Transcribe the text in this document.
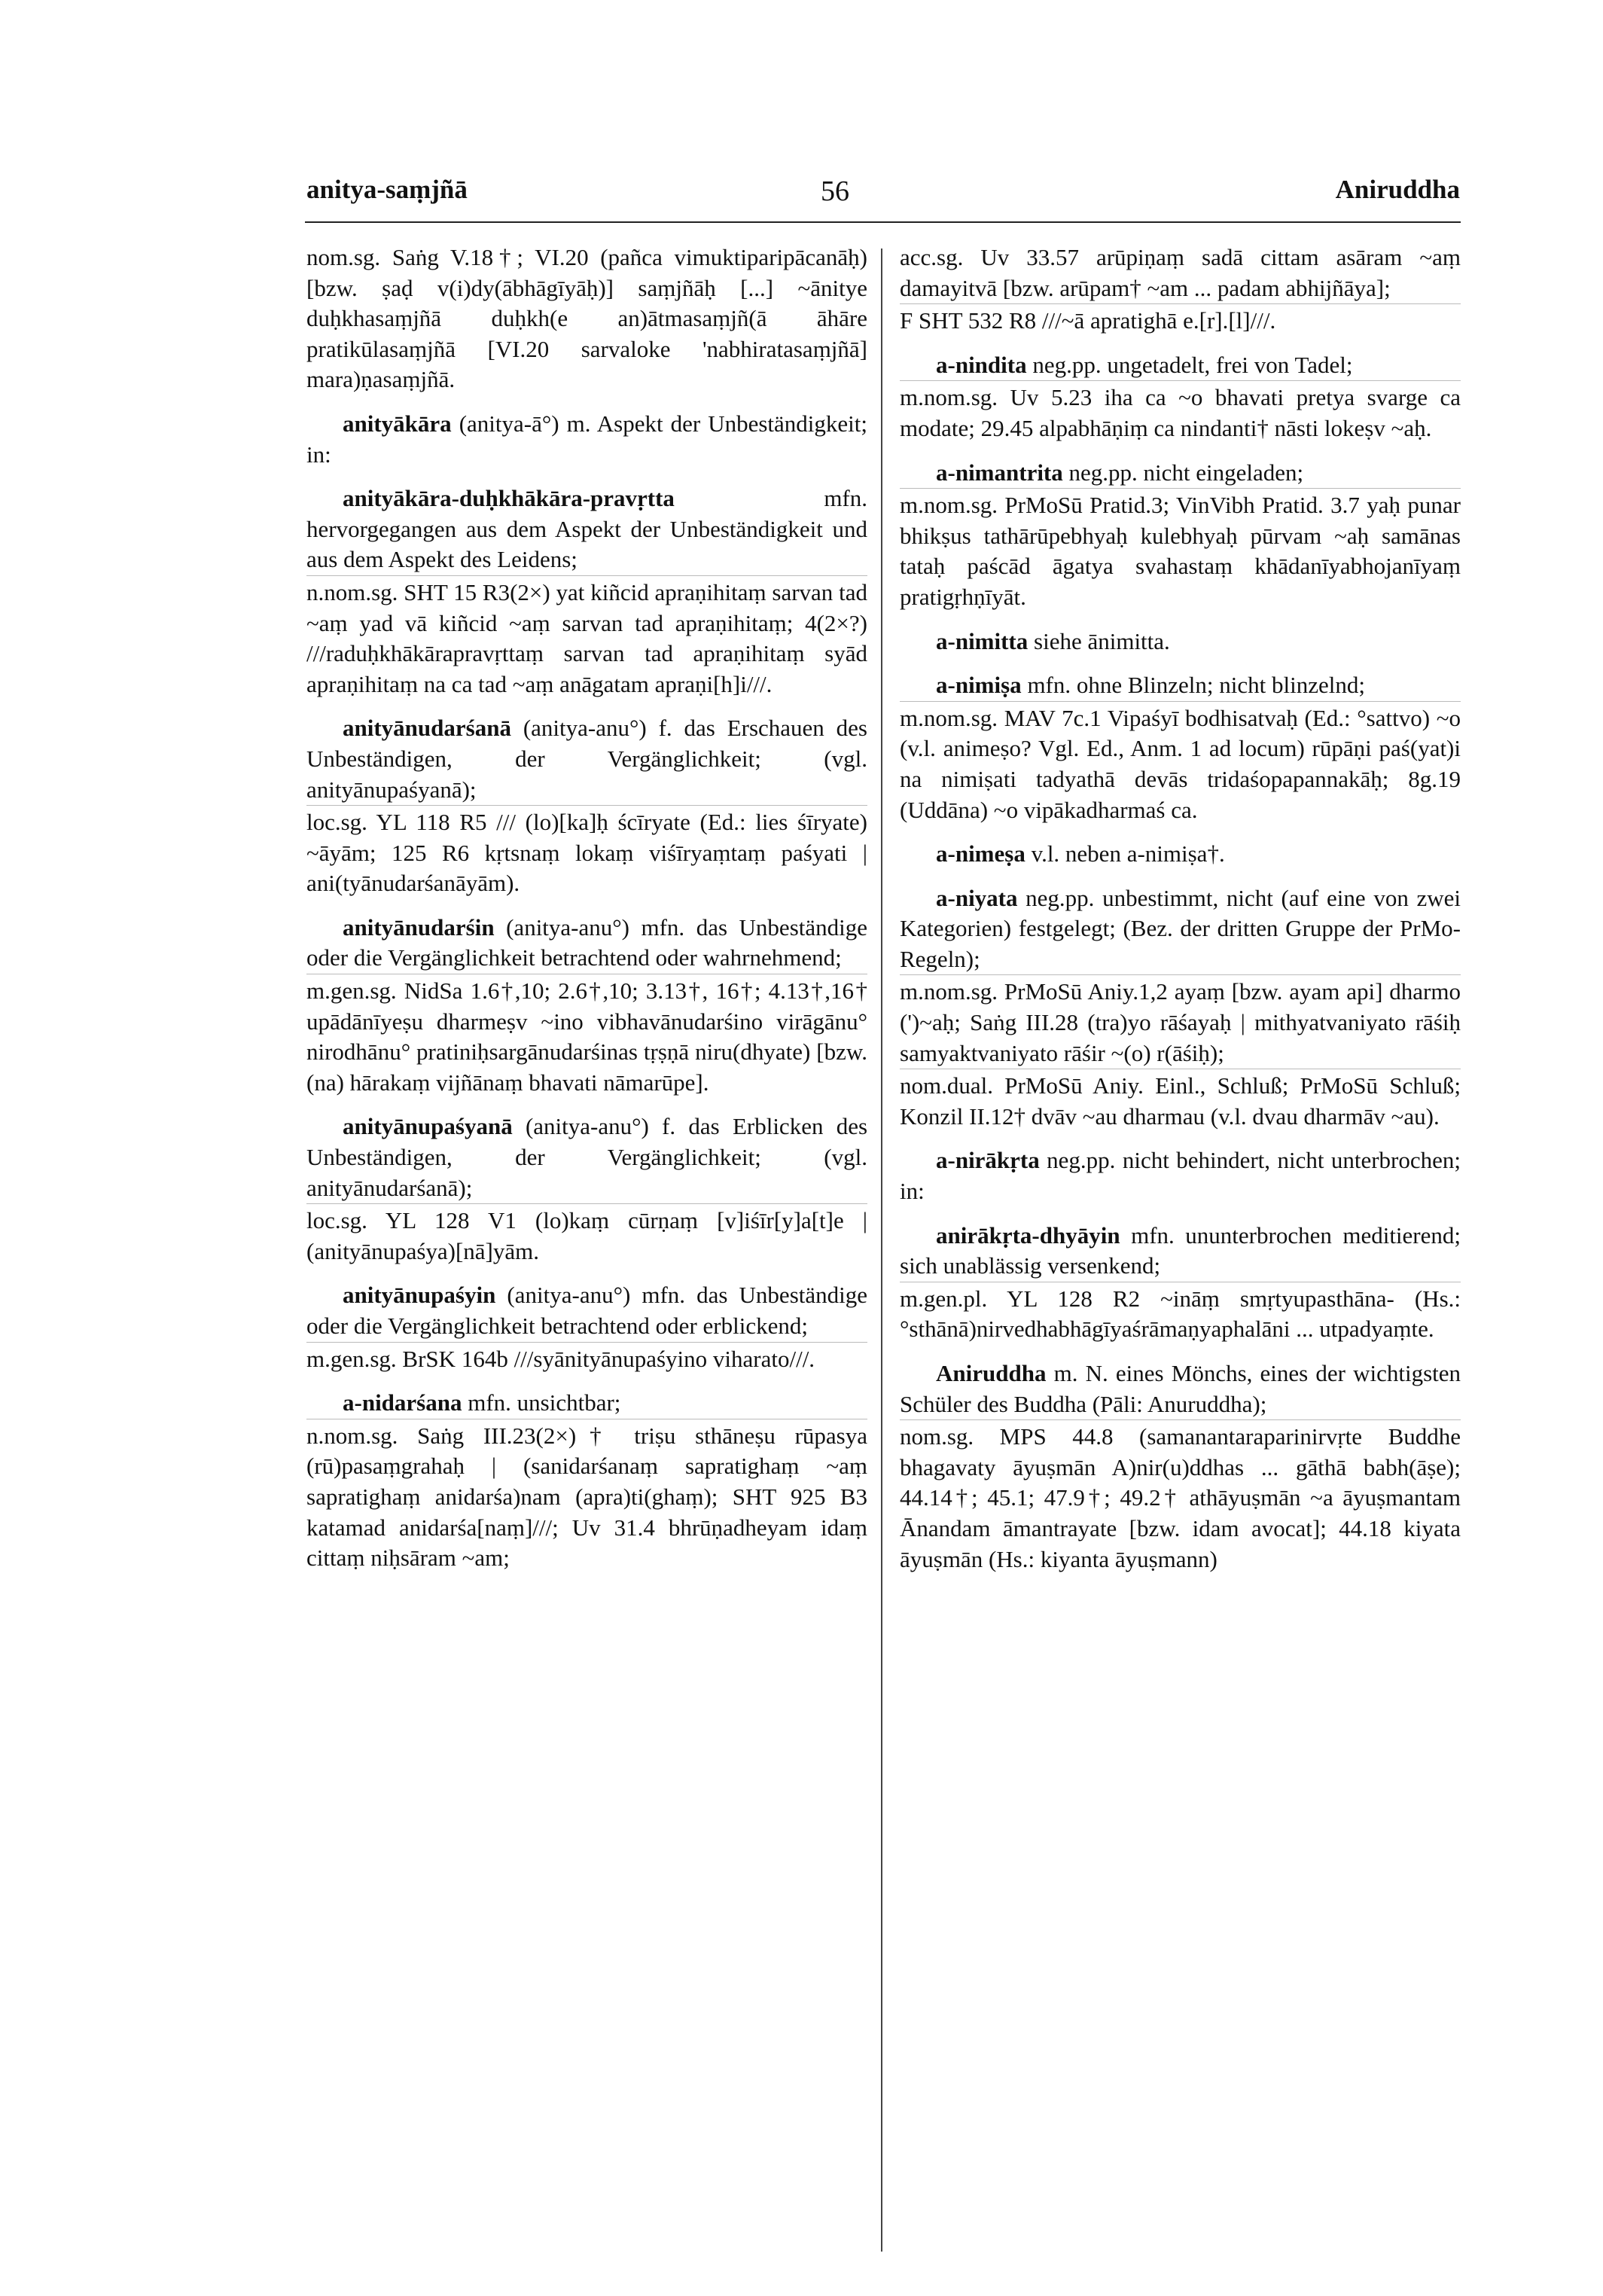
anitya-saṃjñā	56	Aniruddha
nom.sg. Saṅg V.18†; VI.20 (pañca vimuktiparipācanāḥ) [bzw. ṣaḍ v(i)dy(ābhāgīyāḥ)] saṃjñāḥ [...] ~ānitye duḥkhasaṃjñā duḥkh(e an)ātmasaṃjñ(ā āhāre pratikūlasaṃjñā [VI.20 sarvaloke 'nabhiratasaṃjñā] mara)ṇasaṃjñā.
anityākāra (anitya-ā°) m. Aspekt der Unbeständigkeit; in:
anityākāra-duḥkhākāra-pravṛtta	mfn. hervorgegangen aus dem Aspekt der Unbeständigkeit und aus dem Aspekt des Leidens;
n.nom.sg. SHT 15 R3(2×) yat kiñcid apraṇihitaṃ sarvan tad ~aṃ yad vā kiñcid ~aṃ sarvan tad apraṇihitaṃ; 4(2×?) ///raduḥkhākārapravṛttaṃ sarvan tad apraṇihitaṃ syād apraṇihitaṃ na ca tad ~aṃ anāgatam apraṇi[h]i///.
anityānudarśanā (anitya-anu°) f. das Erschauen des Unbeständigen, der Vergänglichkeit; (vgl. anityānupaśyanā);
loc.sg. YL 118 R5 /// (lo)[ka]ḥ ścīryate (Ed.: lies śīryate) ~āyām; 125 R6 kṛtsnaṃ lokaṃ viśīryaṃtaṃ paśyati | ani(tyānudarśanāyām).
anityānudarśin (anitya-anu°) mfn. das Unbeständige oder die Vergänglichkeit betrachtend oder wahrnehmend;
m.gen.sg. NidSa 1.6†,10; 2.6†,10; 3.13†, 16†; 4.13†,16† upādānīyeṣu dharmeṣv ~ino vibhavānudarśino virāgānu° nirodhānu° pratiniḥsargānudarśinas tṛṣṇā niru(dhyate) [bzw. (na) hārakaṃ vijñānaṃ bhavati nāmarūpe].
anityānupaśyanā (anitya-anu°) f. das Erblicken des Unbeständigen, der Vergänglichkeit; (vgl. anityānudarśanā);
loc.sg. YL 128 V1 (lo)kaṃ cūrṇaṃ [v]iśīr[y]a[t]e | (anityānupaśya)[nā]yām.
anityānupaśyin (anitya-anu°) mfn. das Unbeständige oder die Vergänglichkeit betrachtend oder erblickend;
m.gen.sg. BrSK 164b ///syānityānupaśyino viharato///.
a-nidarśana mfn. unsichtbar;
n.nom.sg. Saṅg III.23(2×)† triṣu sthāneṣu rūpasya (rū)pasaṃgrahaḥ | (sanidarśanaṃ sapratighaṃ ~aṃ sapratighaṃ anidarśa)nam (apra)ti(ghaṃ); SHT 925 B3 katamad anidarśa[naṃ]///; Uv 31.4 bhrūṇadheyam idaṃ cittaṃ niḥsāram ~am;
acc.sg. Uv 33.57 arūpiṇaṃ sadā cittam asāram ~aṃ damayitvā [bzw. arūpam† ~am ... padam abhijñāya];
F SHT 532 R8 ///~ā apratighā e.[r].[l]///.
a-nindita neg.pp. ungetadelt, frei von Tadel;
m.nom.sg. Uv 5.23 iha ca ~o bhavati pretya svarge ca modate; 29.45 alpabhāṇiṃ ca nindanti† nāsti lokeṣv ~aḥ.
a-nimantrita neg.pp. nicht eingeladen;
m.nom.sg. PrMoSū Pratid.3; VinVibh Pratid. 3.7 yaḥ punar bhikṣus tathārūpebhyaḥ kulebhyaḥ pūrvam ~aḥ samānas tataḥ paścād āgatya svahastaṃ khādanīyabhojanīyaṃ pratigṛhṇīyāt.
a-nimitta siehe ānimitta.
a-nimiṣa mfn. ohne Blinzeln; nicht blinzelnd;
m.nom.sg. MAV 7c.1 Vipaśyī bodhisatvaḥ (Ed.: °sattvo) ~o (v.l. animeṣo? Vgl. Ed., Anm. 1 ad locum) rūpāṇi paś(yat)i na nimiṣati tadyathā devās tridaśopapannakāḥ; 8g.19 (Uddāna) ~o vipākadharmaś ca.
a-nimeṣa v.l. neben a-nimiṣa†.
a-niyata neg.pp. unbestimmt, nicht (auf eine von zwei Kategorien) festgelegt; (Bez. der dritten Gruppe der PrMo-Regeln);
m.nom.sg. PrMoSū Aniy.1,2 ayaṃ [bzw. ayam api] dharmo (')~aḥ; Saṅg III.28 (tra)yo rāśayaḥ | mithyatvaniyato rāśiḥ samyaktvaniyato rāśir ~(o) r(āśiḥ);
nom.dual. PrMoSū Aniy. Einl., Schluß; PrMoSū Schluß; Konzil II.12† dvāv ~au dharmau (v.l. dvau dharmāv ~au).
a-nirākṛta neg.pp. nicht behindert, nicht unterbrochen; in:
anirākṛta-dhyāyin mfn. ununterbrochen meditierend; sich unablässig versenkend;
m.gen.pl. YL 128 R2 ~ināṃ smṛtyupasthāna- (Hs.: °sthānā)nirvedhabhāgīyaśrāmaṇyaphalāni ... utpadyaṃte.
Aniruddha m. N. eines Mönchs, eines der wichtigsten Schüler des Buddha (Pāli: Anuruddha);
nom.sg. MPS 44.8 (samanantaraparinirvṛte Buddhe bhagavaty āyuṣmān A)nir(u)ddhas ... gāthā babh(āṣe); 44.14†; 45.1; 47.9†; 49.2† athāyuṣmān ~a āyuṣmantam Ānandam āmantrayate [bzw. idam avocat]; 44.18 kiyata āyuṣmān (Hs.: kiyanta āyuṣmann)
